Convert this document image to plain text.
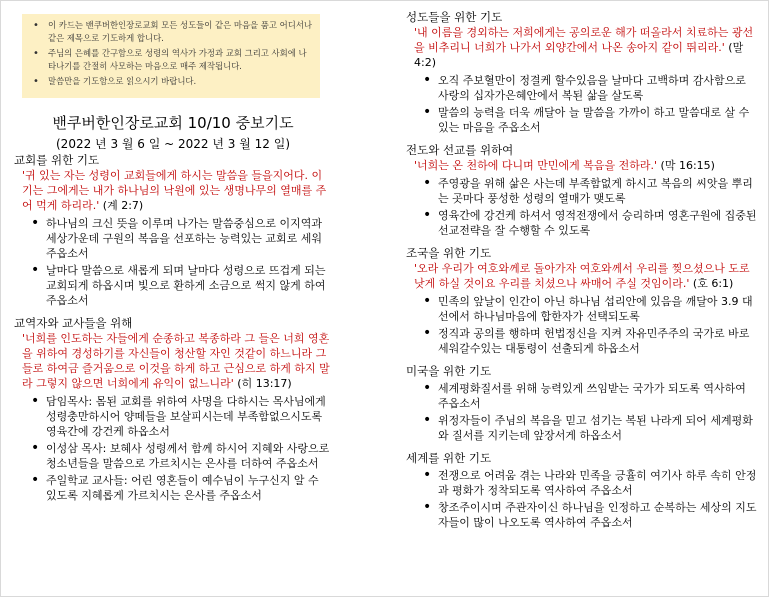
• 이 카드는 밴쿠버한인장로교회 모든 성도들이 같은 마음을 품고 어디서나 같은 제목으로 기도하게 합니다.
• 주님의 은혜를 간구함으로 성령의 역사가 가정과 교회 그리고 사회에 나타나기를 간절히 사모하는 마음으로 매주 제작됩니다.
• 말씀만을 기도함으로 읽으시기 바랍니다.
밴쿠버한인장로교회 10/10 중보기도
(2022 년 3 월 6 일 ~ 2022 년 3 월 12 일)
교회를 위한 기도
'귀 있는 자는 성령이 교회들에게 하시는 말씀을 들을지어다. 이기는 그에게는 내가 하나님의 낙원에 있는 생명나무의 열매를 주어 먹게 하리라.' (계 2:7)
• 하나님의 크신 뜻을 이루며 나가는 말씀중심으로 이지역과 세상가운데 구원의 복음을 선포하는 능력있는 교회로 세워주옵소서
• 날마다 말씀으로 새롭게 되며 날마다 성령으로 뜨겁게 되는 교회되게 하옵시며 빛으로 환하게 소금으로 썩지 않게 하여 주옵소서
교역자와 교사들을 위해
'너희를 인도하는 자들에게 순종하고 복종하라 그 들은 너희 영혼을 위하여 경성하기를 자신들이 청산할 자인 것같이 하느니라 그들로 하여금 즐거움으로 이것을 하게 하고 근심으로 하게 하지 말라 그렇지 않으면 너희에게 유익이 없느니라' (히 13:17)
• 담임목사: 몸된 교회를 위하여 사명을 다하시는 목사님에게 성령충만하시어 양떼들을 보살피시는데 부족함없으시도록 영육간에 강건케 하옵소서
• 이성삼 목사: 보혜사 성령께서 함께 하시어 지혜와 사랑으로 청소년들을 말씀으로 가르치시는 은사를 더하여 주옵소서
• 주일학교 교사들: 어린 영혼들이 예수님이 누구신지 알 수 있도록 지혜롭게 가르치시는 은사를 주옵소서
성도들을 위한 기도
'내 이름을 경외하는 저희에게는 공의로운 해가 떠올라서 치료하는 광선을 비추리니 너희가 나가서 외양간에서 나온 송아지 같이 뛰리라.' (말 4:2)
• 오직 주보혈만이 정결케 할수있음을 날마다 고백하며 감사함으로 사랑의 십자가은혜안에서 복된 삶을 살도록
• 말씀의 능력을 더욱 깨달아 늘 말씀을 가까이 하고 말씀대로 살 수 있는 마음을 주옵소서
전도와 선교를 위하여
'너희는 온 천하에 다니며 만민에게 복음을 전하라.' (막 16:15)
• 주영광을 위해 삶은 사는데 부족함없게 하시고 복음의 씨앗을 뿌리는 곳마다 풍성한 성령의 열매가 맺도록
• 영육간에 강건케 하셔서 영적전쟁에서 승리하며 영혼구원에 집중된 선교전략을 잘 수행할 수 있도록
조국을 위한 기도
'오라 우리가 여호와께로 돌아가자 여호와께서 우리를 찢으셨으나 도로 낫게 하실 것이요 우리를 치셨으나 싸매어 주실 것임이라.' (호 6:1)
• 민족의 앞날이 인간이 아닌 하나님 섭리안에 있음을 깨달아 3.9 대선에서 하나님마음에 합한자가 선택되도록
• 정직과 공의를 행하며 헌법정신을 지켜 자유민주주의 국가로 바로세워갈수있는 대통령이 선출되게 하옵소서
미국을 위한 기도
• 세계평화질서를 위해 능력있게 쓰임받는 국가가 되도록 역사하여 주옵소서
• 위정자들이 주님의 복음을 믿고 섬기는 복된 나라게 되어 세계평화와 질서를 지키는데 앞장서게 하옵소서
세계를 위한 기도
• 전쟁으로 어려움 겪는 나라와 민족을 긍휼히 여기사 하루 속히 안정과 평화가 정착되도록 역사하여 주옵소서
• 창조주이시며 주관자이신 하나님을 인정하고 순복하는 세상의 지도자들이 많이 나오도록 역사하여 주옵소서
